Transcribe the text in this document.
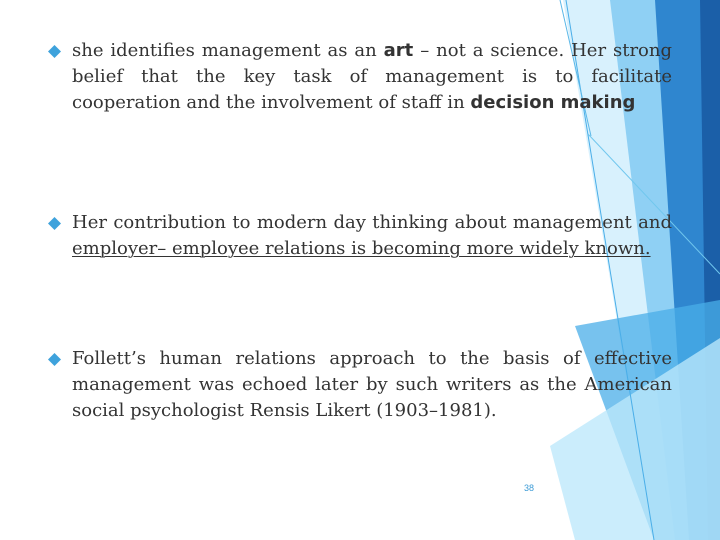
she identifies management as an art – not a science. Her strong belief that the key task of management is to facilitate cooperation and the involvement of staff in decision making
Her contribution to modern day thinking about management and employer– employee relations is becoming more widely known.
Follett’s human relations approach to the basis of effective management was echoed later by such writers as the American social psychologist Rensis Likert (1903–1981).
38
